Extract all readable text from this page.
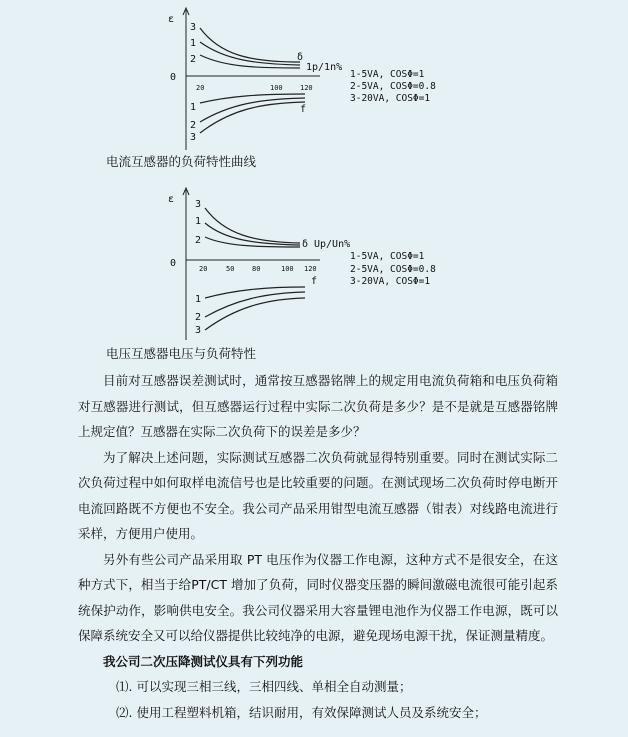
ε
0
20	100 120
3
1
2	δ
1p/1n%
1
2
3
f
1-5VA, COSΦ=1
2-5VA, COSΦ=0.8
3-20VA, COSΦ=1
电流互感器的负荷特性曲线
ε
0	20	50	80	100 120
3
1
2	δ Up/Un%
1
2
3
f
1-5VA, COSΦ=1
2-5VA, COSΦ=0.8
3-20VA, COSΦ=1
电压互感器电压与负荷特性

目前对互感器误差测试时，通常按互感器铭牌上的规定用电流负荷箱和电压负荷箱对互感器进行测试，但互感器运行过程中实际二次负荷是多少？是不是就是互感器铭牌上规定值？互感器在实际二次负荷下的误差是多少？

为了解决上述问题，实际测试互感器二次负荷就显得特别重要。同时在测试实际二次负荷过程中如何取样电流信号也是比较重要的问题。在测试现场二次负荷时停电断开电流回路既不方便也不安全。我公司产品采用钳型电流互感器（钳表）对线路电流进行采样，方便用户使用。

另外有些公司产品采用取 PT 电压作为仪器工作电源，这种方式不是很安全，在这种方式下，相当于给PT/CT 增加了负荷，同时仪器变压器的瞬间激磁电流很可能引起系统保护动作，影响供电安全。我公司仪器采用大容量锂电池作为仪器工作电源，既可以保障系统安全又可以给仪器提供比较纯净的电源，避免现场电源干扰，保证测量精度。

我公司二次压降测试仪具有下列功能

⑴. 可以实现三相三线，三相四线、单相全自动测量；

⑵. 使用工程塑料机箱，结识耐用，有效保障测试人员及系统安全；
